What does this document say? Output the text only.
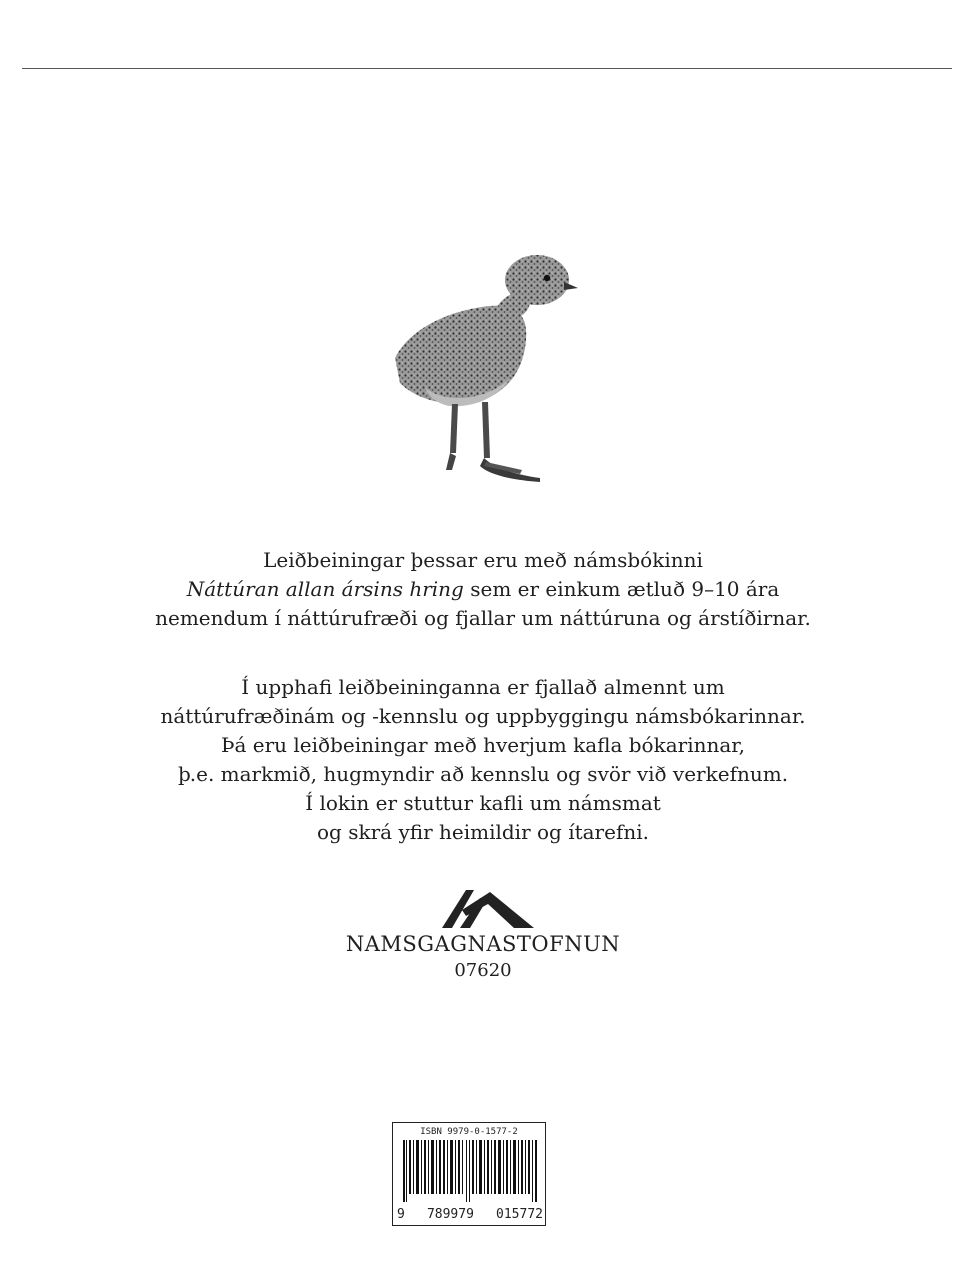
Leiðbeiningar þessar eru með námsbókinni

Náttúran allan ársins hring sem er einkum ætluð 9–10 ára

nemendum í náttúrufræði og fjallar um náttúruna og árstíðirnar.

Í upphafi leiðbeininganna er fjallað almennt um

náttúrufræðinám og -kennslu og uppbyggingu námsbókarinnar.

Þá eru leiðbeiningar með hverjum kafla bókarinnar,

þ.e. markmið, hugmyndir að kennslu og svör við verkefnum.

Í lokin er stuttur kafli um námsmat

og skrá yfir heimildir og ítarefni.

NAMSGAGNASTOFNUN
07620
ISBN 9979-0-1577-2
9 789979 015772
